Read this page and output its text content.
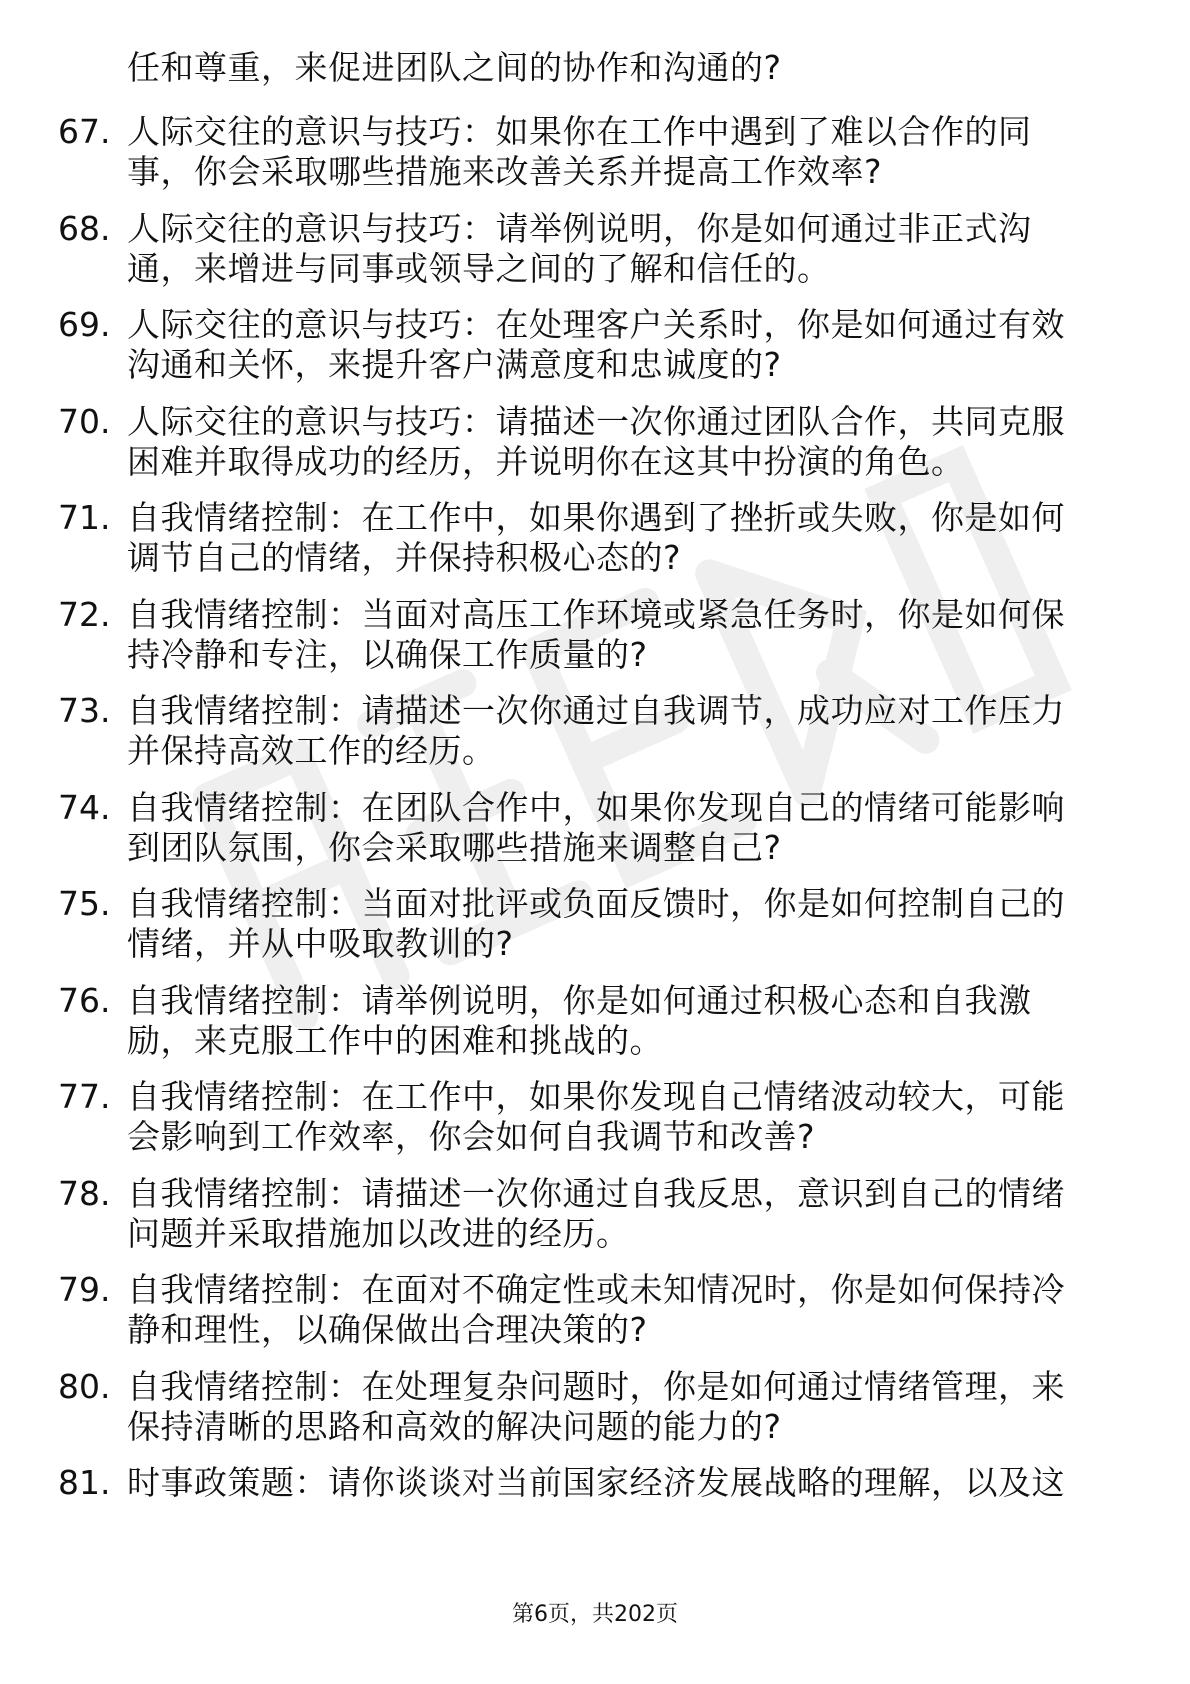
任和尊重，来促进团队之间的协作和沟通的?
67. 人际交往的意识与技巧：如果你在工作中遇到了难以合作的同
事，你会采取哪些措施来改善关系并提高工作效率?
68. 人际交往的意识与技巧：请举例说明，你是如何通过非正式沟
通，来增进与同事或领导之间的了解和信任的。
69. 人际交往的意识与技巧：在处理客户关系时，你是如何通过有效
沟通和关怀，来提升客户满意度和忠诚度的?
70. 人际交往的意识与技巧：请描述一次你通过团队合作，共同克服
困难并取得成功的经历，并说明你在这其中扮演的角色。
71. 自我情绪控制：在工作中，如果你遇到了挫折或失败，你是如何
调节自己的情绪，并保持积极心态的?
72. 自我情绪控制：当面对高压工作环境或紧急任务时，你是如何保
持冷静和专注，以确保工作质量的?
73. 自我情绪控制：请描述一次你通过自我调节，成功应对工作压力
并保持高效工作的经历。
74. 自我情绪控制：在团队合作中，如果你发现自己的情绪可能影响
到团队氛围，你会采取哪些措施来调整自己?
75. 自我情绪控制：当面对批评或负面反馈时，你是如何控制自己的
情绪，并从中吸取教训的?
76. 自我情绪控制：请举例说明，你是如何通过积极心态和自我激
励，来克服工作中的困难和挑战的。
77. 自我情绪控制：在工作中，如果你发现自己情绪波动较大，可能
会影响到工作效率，你会如何自我调节和改善?
78. 自我情绪控制：请描述一次你通过自我反思，意识到自己的情绪
问题并采取措施加以改进的经历。
79. 自我情绪控制：在面对不确定性或未知情况时，你是如何保持冷
静和理性，以确保做出合理决策的?
80. 自我情绪控制：在处理复杂问题时，你是如何通过情绪管理，来
保持清晰的思路和高效的解决问题的能力的?
81. 时事政策题：请你谈谈对当前国家经济发展战略的理解，以及这
第6页，共202页
